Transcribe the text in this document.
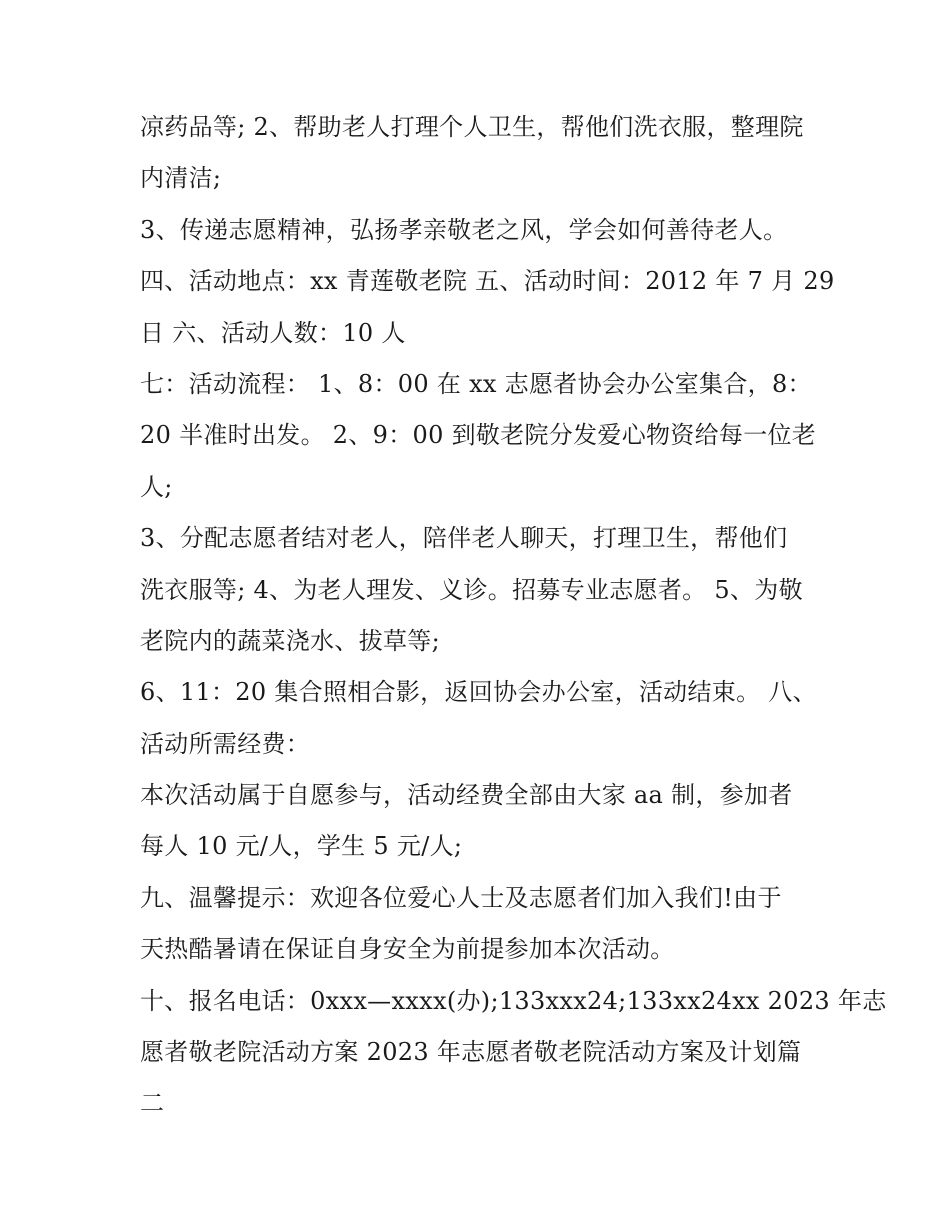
凉药品等; 2、帮助老人打理个人卫生，帮他们洗衣服，整理院
内清洁;
3、传递志愿精神，弘扬孝亲敬老之风，学会如何善待老人。
四、活动地点：xx 青莲敬老院 五、活动时间：2012 年 7 月 29
日 六、活动人数：10 人
七：活动流程： 1、8：00 在 xx 志愿者协会办公室集合，8：
20 半准时出发。 2、9：00 到敬老院分发爱心物资给每一位老
人;
3、分配志愿者结对老人，陪伴老人聊天，打理卫生，帮他们
洗衣服等; 4、为老人理发、义诊。招募专业志愿者。 5、为敬
老院内的蔬菜浇水、拔草等;
6、11：20 集合照相合影，返回协会办公室，活动结束。 八、
活动所需经费：
本次活动属于自愿参与，活动经费全部由大家 aa 制，参加者
每人 10 元/人，学生 5 元/人;
九、温馨提示：欢迎各位爱心人士及志愿者们加入我们!由于
天热酷暑请在保证自身安全为前提参加本次活动。
十、报名电话：0xxx—xxxx(办);133xxx24;133xx24xx 2023 年志
愿者敬老院活动方案 2023 年志愿者敬老院活动方案及计划篇
二
